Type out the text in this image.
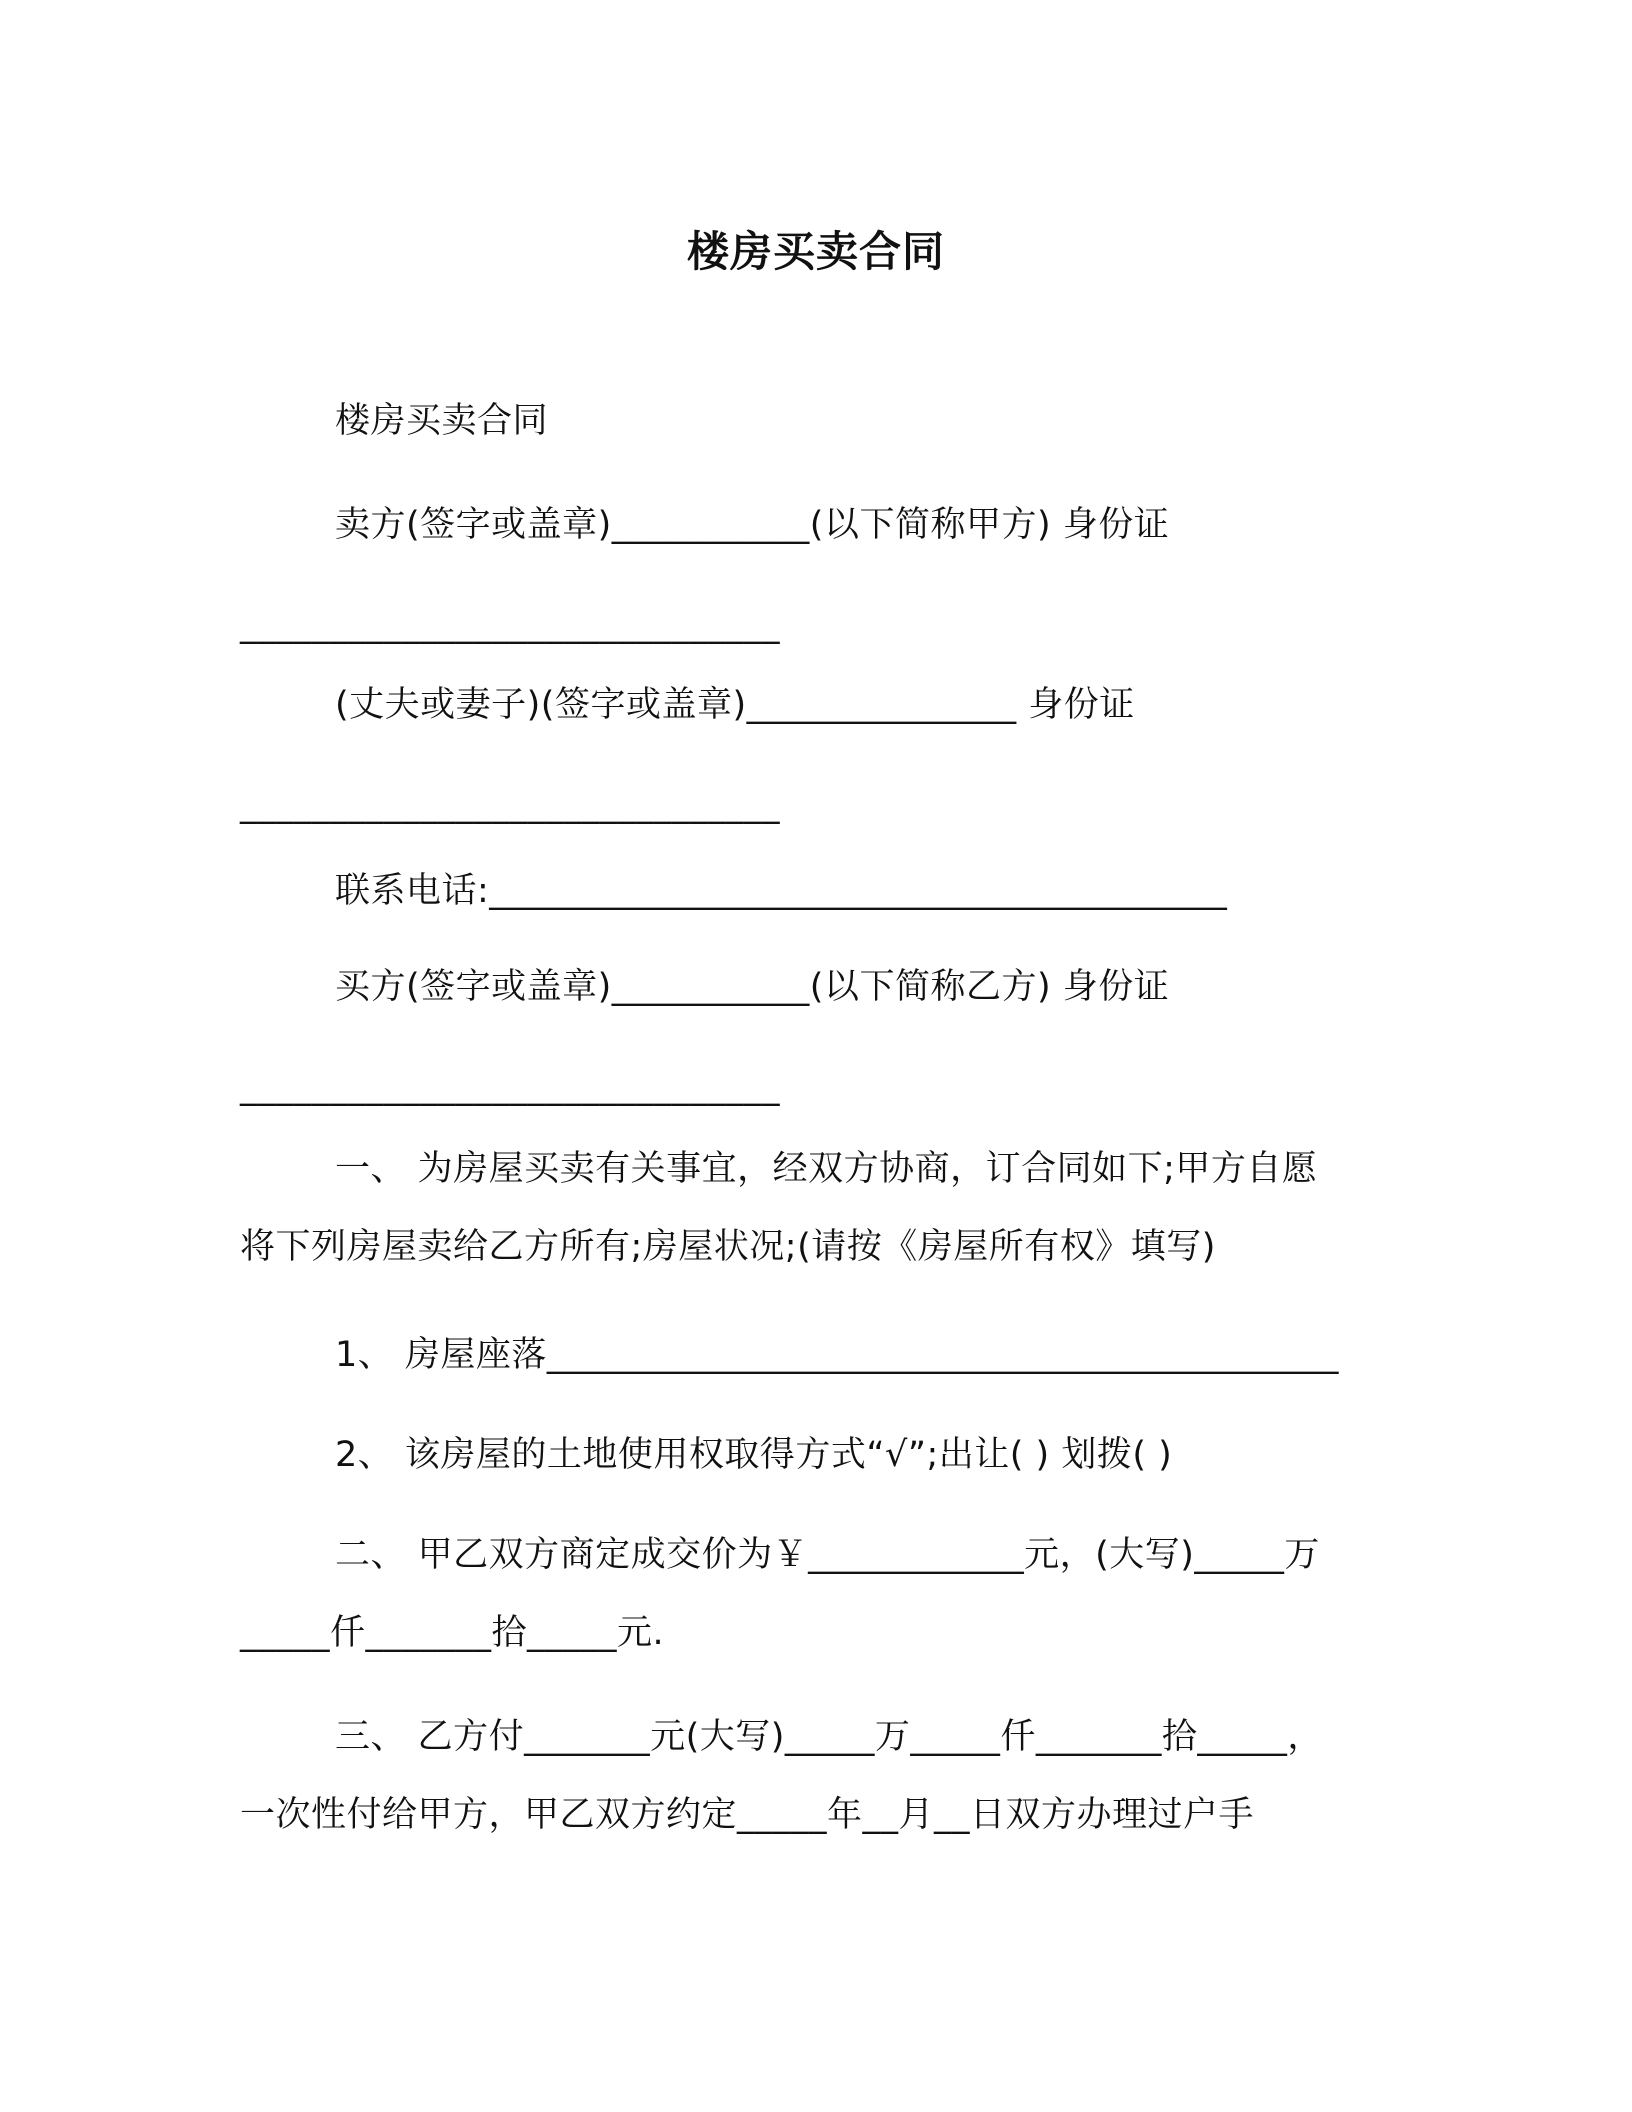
楼房买卖合同
楼房买卖合同
卖方(签字或盖章)___________(以下简称甲方) 身份证
______________________________
(丈夫或妻子)(签字或盖章)_______________ 身份证
______________________________
联系电话:_________________________________________
买方(签字或盖章)___________(以下简称乙方) 身份证
______________________________
一、 为房屋买卖有关事宜，经双方协商，订合同如下;甲方自愿
将下列房屋卖给乙方所有;房屋状况;(请按《房屋所有权》填写)
1、 房屋座落____________________________________________
2、 该房屋的土地使用权取得方式“√”;出让( ) 划拨( )
二、 甲乙双方商定成交价为￥____________元，(大写)_____万
_____仟_______拾_____元.
三、 乙方付_______元(大写)_____万_____仟_______拾_____，
一次性付给甲方，甲乙双方约定_____年__月__日双方办理过户手
